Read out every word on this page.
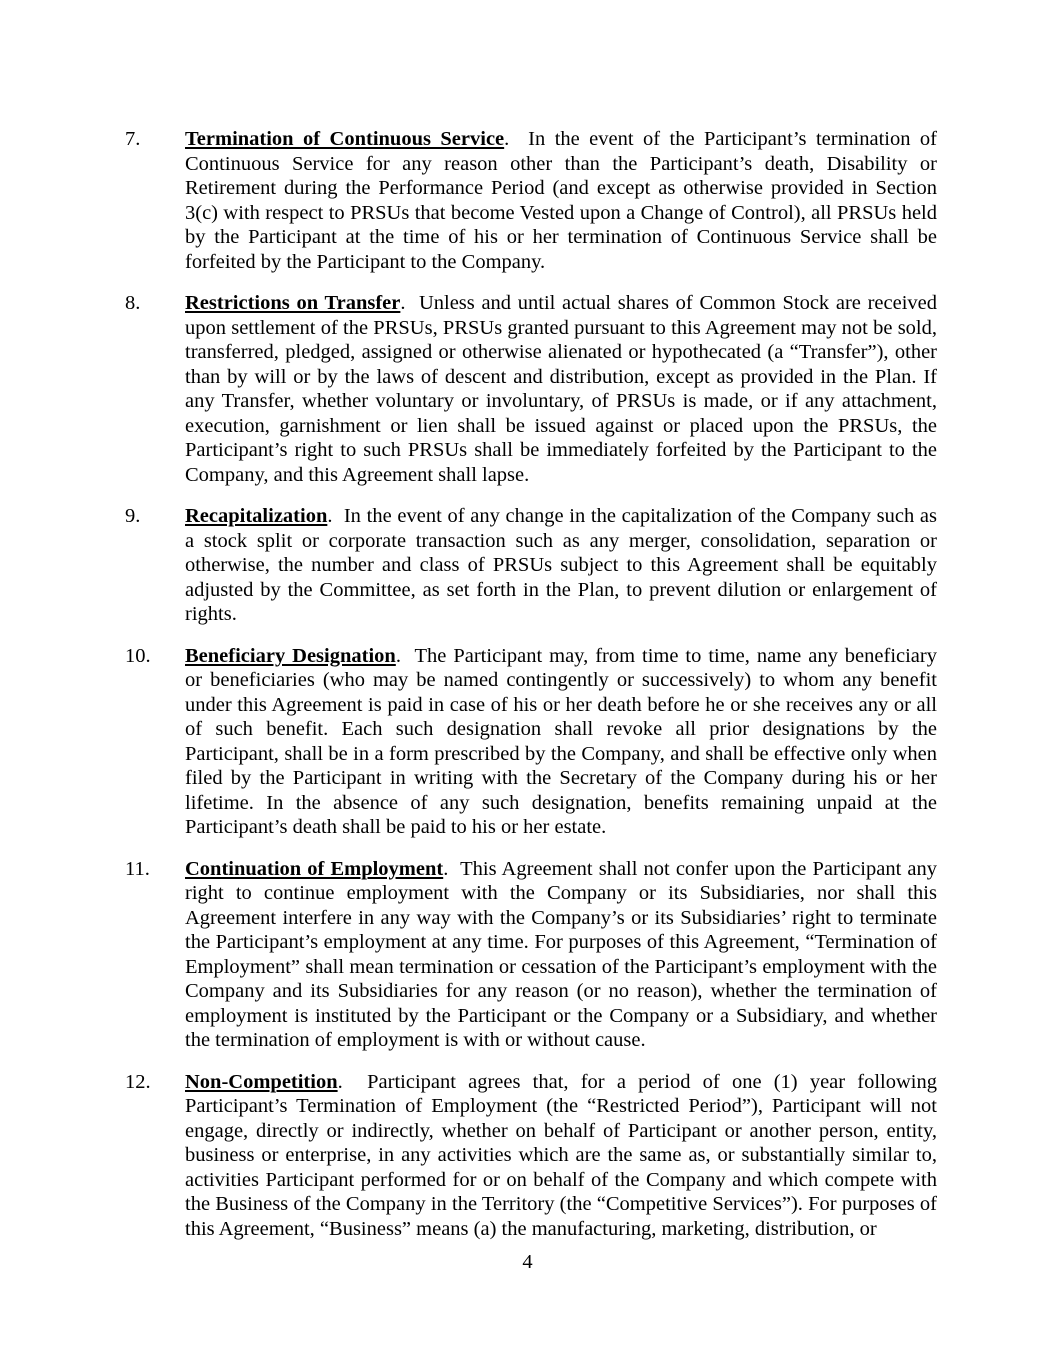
7.	Termination of Continuous Service.  In the event of the Participant’s termination of Continuous Service for any reason other than the Participant’s death, Disability or Retirement during the Performance Period (and except as otherwise provided in Section 3(c) with respect to PRSUs that become Vested upon a Change of Control), all PRSUs held by the Participant at the time of his or her termination of Continuous Service shall be forfeited by the Participant to the Company.
8.	Restrictions on Transfer.  Unless and until actual shares of Common Stock are received upon settlement of the PRSUs, PRSUs granted pursuant to this Agreement may not be sold, transferred, pledged, assigned or otherwise alienated or hypothecated (a “Transfer”), other than by will or by the laws of descent and distribution, except as provided in the Plan. If any Transfer, whether voluntary or involuntary, of PRSUs is made, or if any attachment, execution, garnishment or lien shall be issued against or placed upon the PRSUs, the Participant’s right to such PRSUs shall be immediately forfeited by the Participant to the Company, and this Agreement shall lapse.
9.	Recapitalization.  In the event of any change in the capitalization of the Company such as a stock split or corporate transaction such as any merger, consolidation, separation or otherwise, the number and class of PRSUs subject to this Agreement shall be equitably adjusted by the Committee, as set forth in the Plan, to prevent dilution or enlargement of rights.
10.	Beneficiary Designation.  The Participant may, from time to time, name any beneficiary or beneficiaries (who may be named contingently or successively) to whom any benefit under this Agreement is paid in case of his or her death before he or she receives any or all of such benefit. Each such designation shall revoke all prior designations by the Participant, shall be in a form prescribed by the Company, and shall be effective only when filed by the Participant in writing with the Secretary of the Company during his or her lifetime. In the absence of any such designation, benefits remaining unpaid at the Participant’s death shall be paid to his or her estate.
11.	Continuation of Employment.  This Agreement shall not confer upon the Participant any right to continue employment with the Company or its Subsidiaries, nor shall this Agreement interfere in any way with the Company’s or its Subsidiaries’ right to terminate the Participant’s employment at any time. For purposes of this Agreement, “Termination of Employment” shall mean termination or cessation of the Participant’s employment with the Company and its Subsidiaries for any reason (or no reason), whether the termination of employment is instituted by the Participant or the Company or a Subsidiary, and whether the termination of employment is with or without cause.
12.	Non-Competition.  Participant agrees that, for a period of one (1) year following Participant’s Termination of Employment (the “Restricted Period”), Participant will not engage, directly or indirectly, whether on behalf of Participant or another person, entity, business or enterprise, in any activities which are the same as, or substantially similar to, activities Participant performed for or on behalf of the Company and which compete with the Business of the Company in the Territory (the “Competitive Services”). For purposes of this Agreement, “Business” means (a) the manufacturing, marketing, distribution, or
4
